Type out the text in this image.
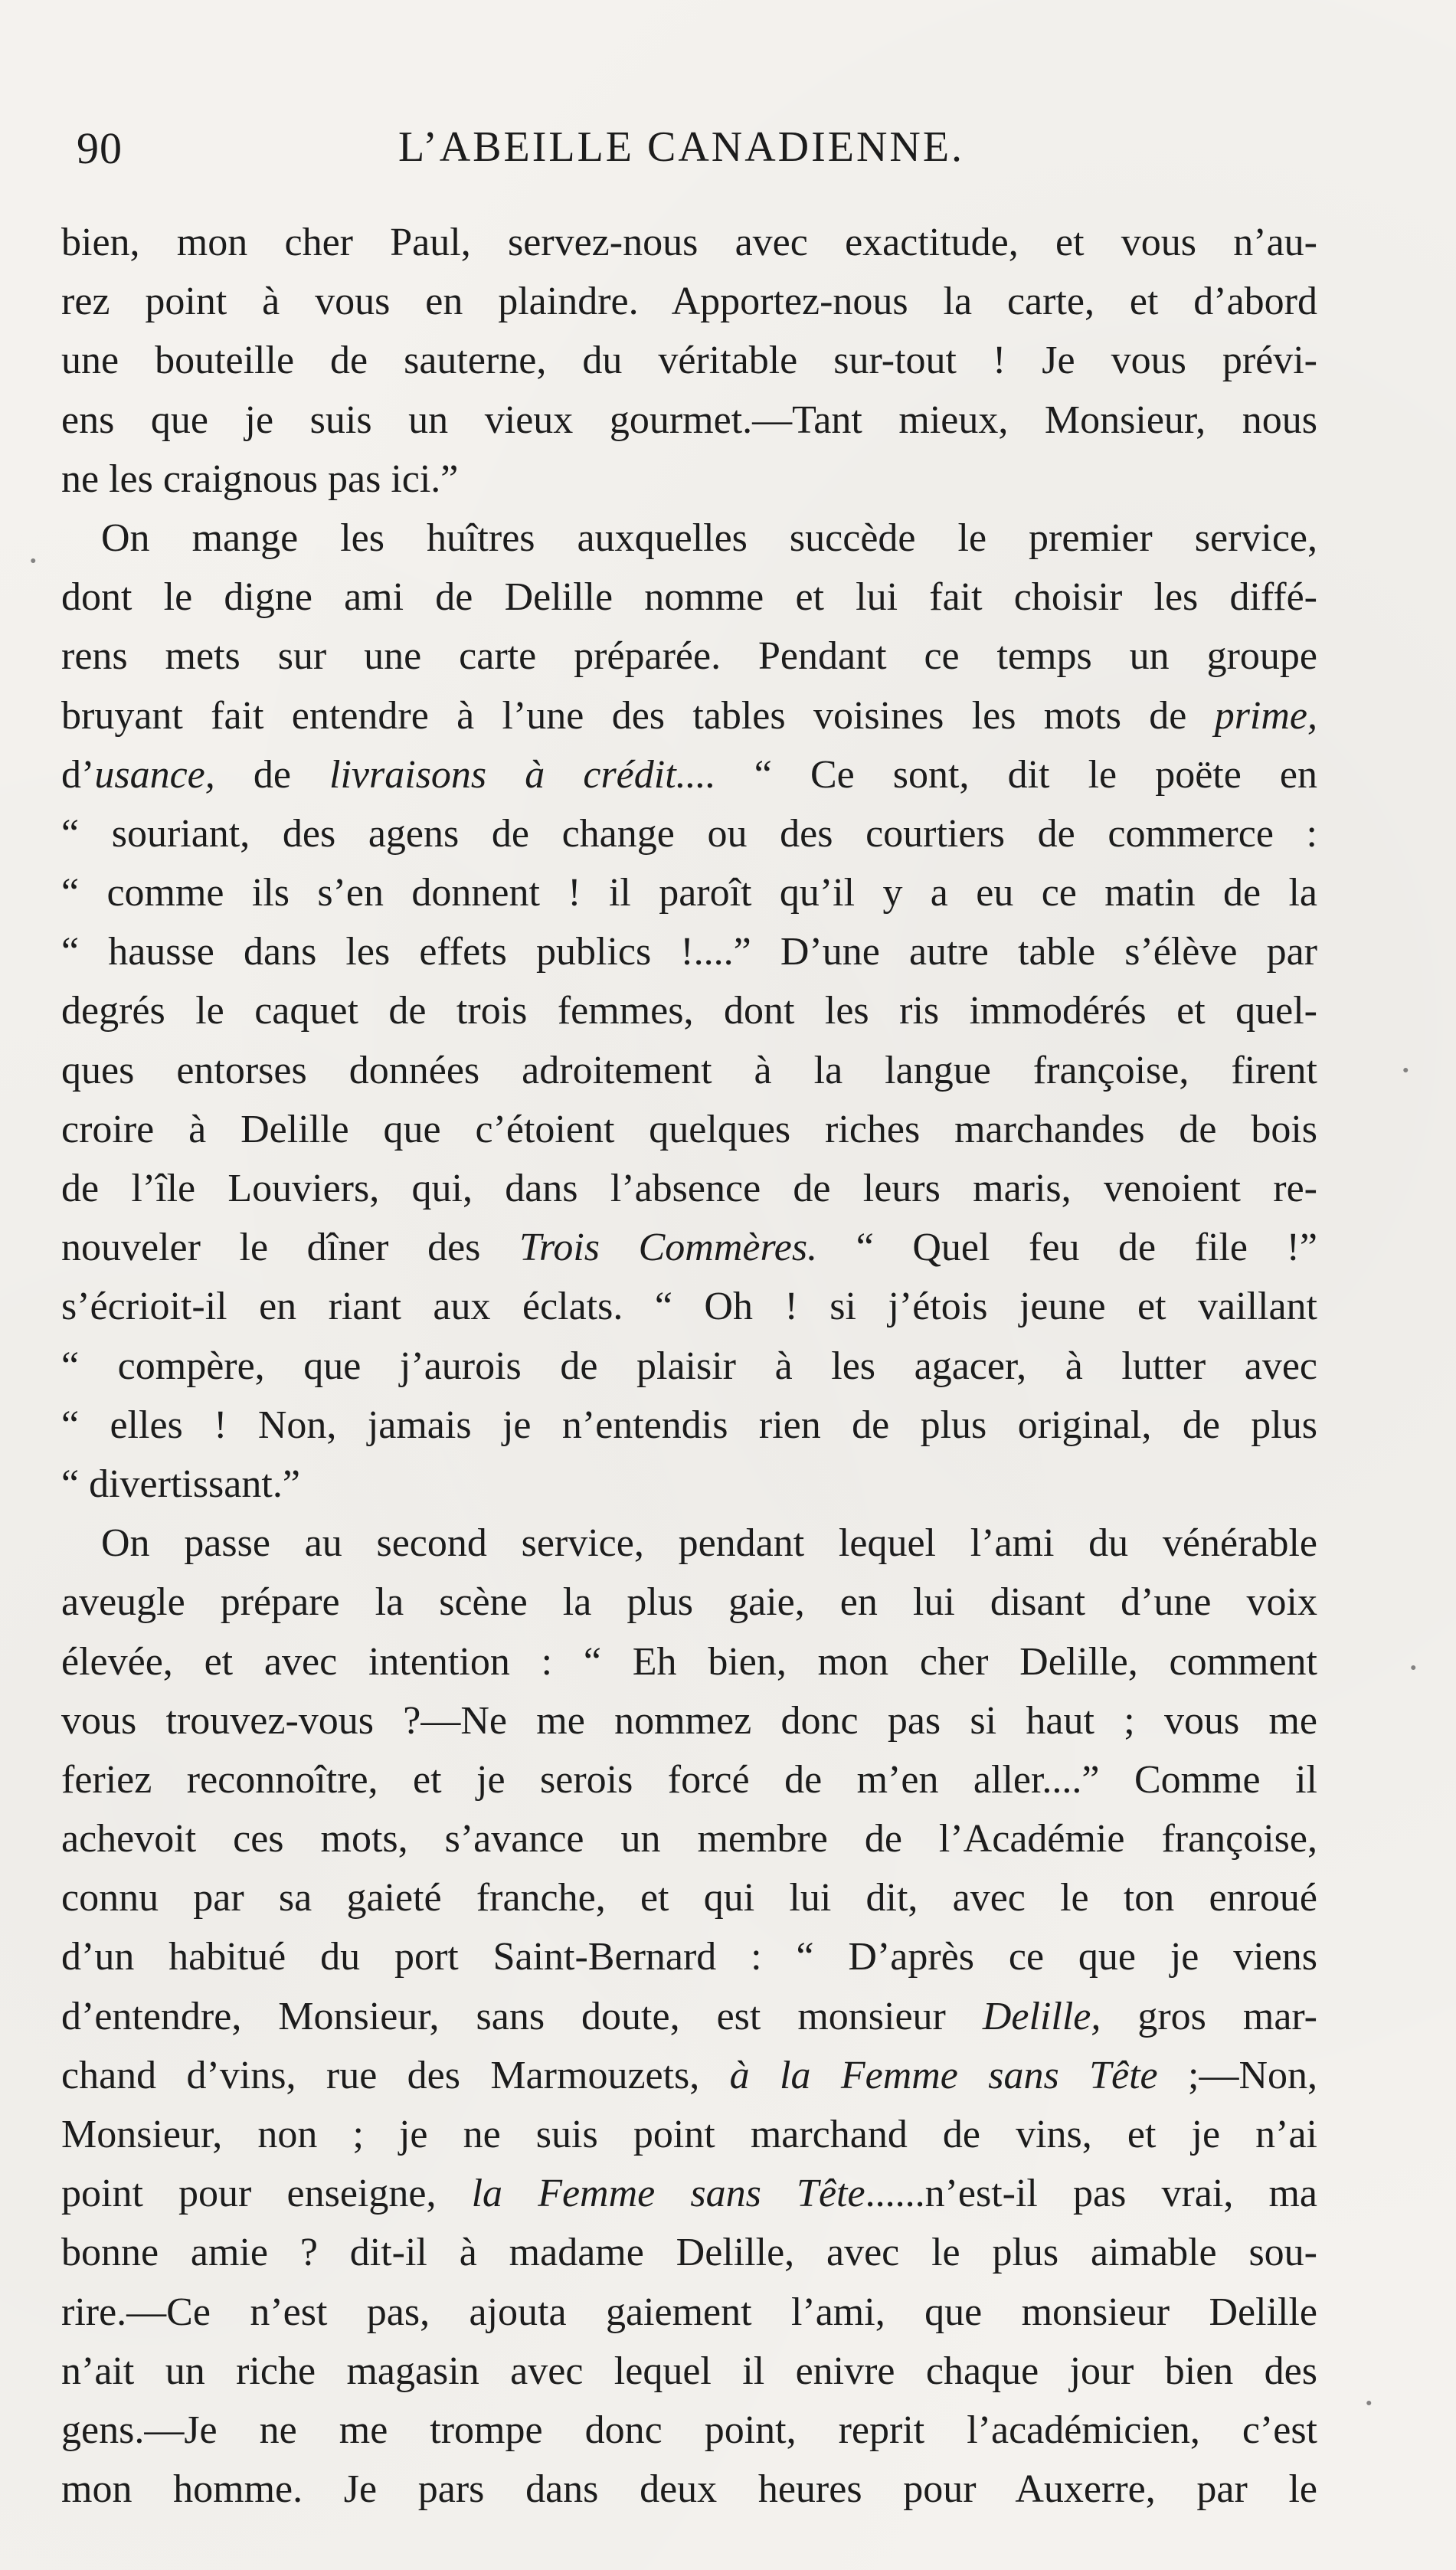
90	L’ABEILLE CANADIENNE.
bien, mon cher Paul, servez-nous avec exactitude, et vous n’au-
rez point à vous en plaindre. Apportez-nous la carte, et d’abord
une bouteille de sauterne, du véritable sur-tout ! Je vous prévi-
ens que je suis un vieux gourmet.—Tant mieux, Monsieur, nous
ne les craignous pas ici.”
On mange les huîtres auxquelles succède le premier service,
dont le digne ami de Delille nomme et lui fait choisir les diffé-
rens mets sur une carte préparée. Pendant ce temps un groupe
bruyant fait entendre à l’une des tables voisines les mots de prime,
d’usance, de livraisons à crédit.... “ Ce sont, dit le poëte en
“ souriant, des agens de change ou des courtiers de commerce :
“ comme ils s’en donnent ! il paroît qu’il y a eu ce matin de la
“ hausse dans les effets publics !....” D’une autre table s’élève par
degrés le caquet de trois femmes, dont les ris immodérés et quel-
ques entorses données adroitement à la langue françoise, firent
croire à Delille que c’étoient quelques riches marchandes de bois
de l’île Louviers, qui, dans l’absence de leurs maris, venoient re-
nouveler le dîner des Trois Commères. “ Quel feu de file !”
s’écrioit-il en riant aux éclats. “ Oh ! si j’étois jeune et vaillant
“ compère, que j’aurois de plaisir à les agacer, à lutter avec
“ elles ! Non, jamais je n’entendis rien de plus original, de plus
“ divertissant.”
On passe au second service, pendant lequel l’ami du vénérable
aveugle prépare la scène la plus gaie, en lui disant d’une voix
élevée, et avec intention : “ Eh bien, mon cher Delille, comment
vous trouvez-vous ?—Ne me nommez donc pas si haut ; vous me
feriez reconnoître, et je serois forcé de m’en aller....” Comme il
achevoit ces mots, s’avance un membre de l’Académie françoise,
connu par sa gaieté franche, et qui lui dit, avec le ton enroué
d’un habitué du port Saint-Bernard : “ D’après ce que je viens
d’entendre, Monsieur, sans doute, est monsieur Delille, gros mar-
chand d’vins, rue des Marmouzets, à la Femme sans Tête ;—Non,
Monsieur, non ; je ne suis point marchand de vins, et je n’ai
point pour enseigne, la Femme sans Tête......n’est-il pas vrai, ma
bonne amie ? dit-il à madame Delille, avec le plus aimable sou-
rire.—Ce n’est pas, ajouta gaiement l’ami, que monsieur Delille
n’ait un riche magasin avec lequel il enivre chaque jour bien des
gens.—Je ne me trompe donc point, reprit l’académicien, c’est
mon homme. Je pars dans deux heures pour Auxerre, par le
·
·
·
·
